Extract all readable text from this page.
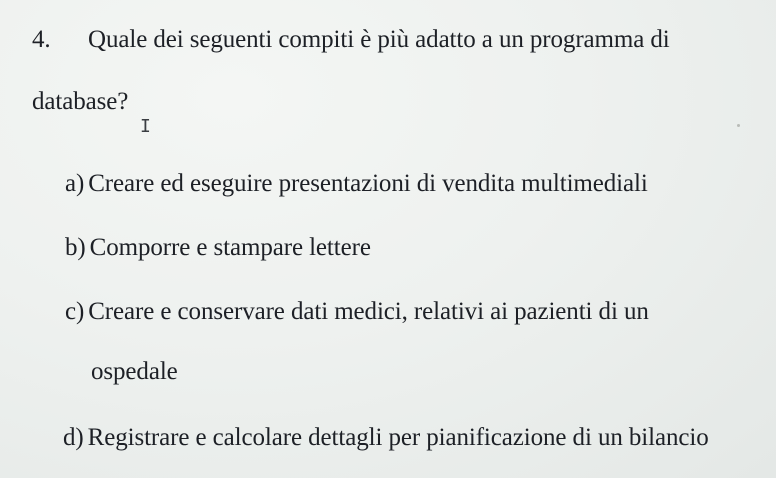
4. Quale dei seguenti compiti è più adatto a un programma di
database?
I
a) Creare ed eseguire presentazioni di vendita multimediali
b) Comporre e stampare lettere
c) Creare e conservare dati medici, relativi ai pazienti di un
ospedale
d) Registrare e calcolare dettagli per pianificazione di un bilancio
